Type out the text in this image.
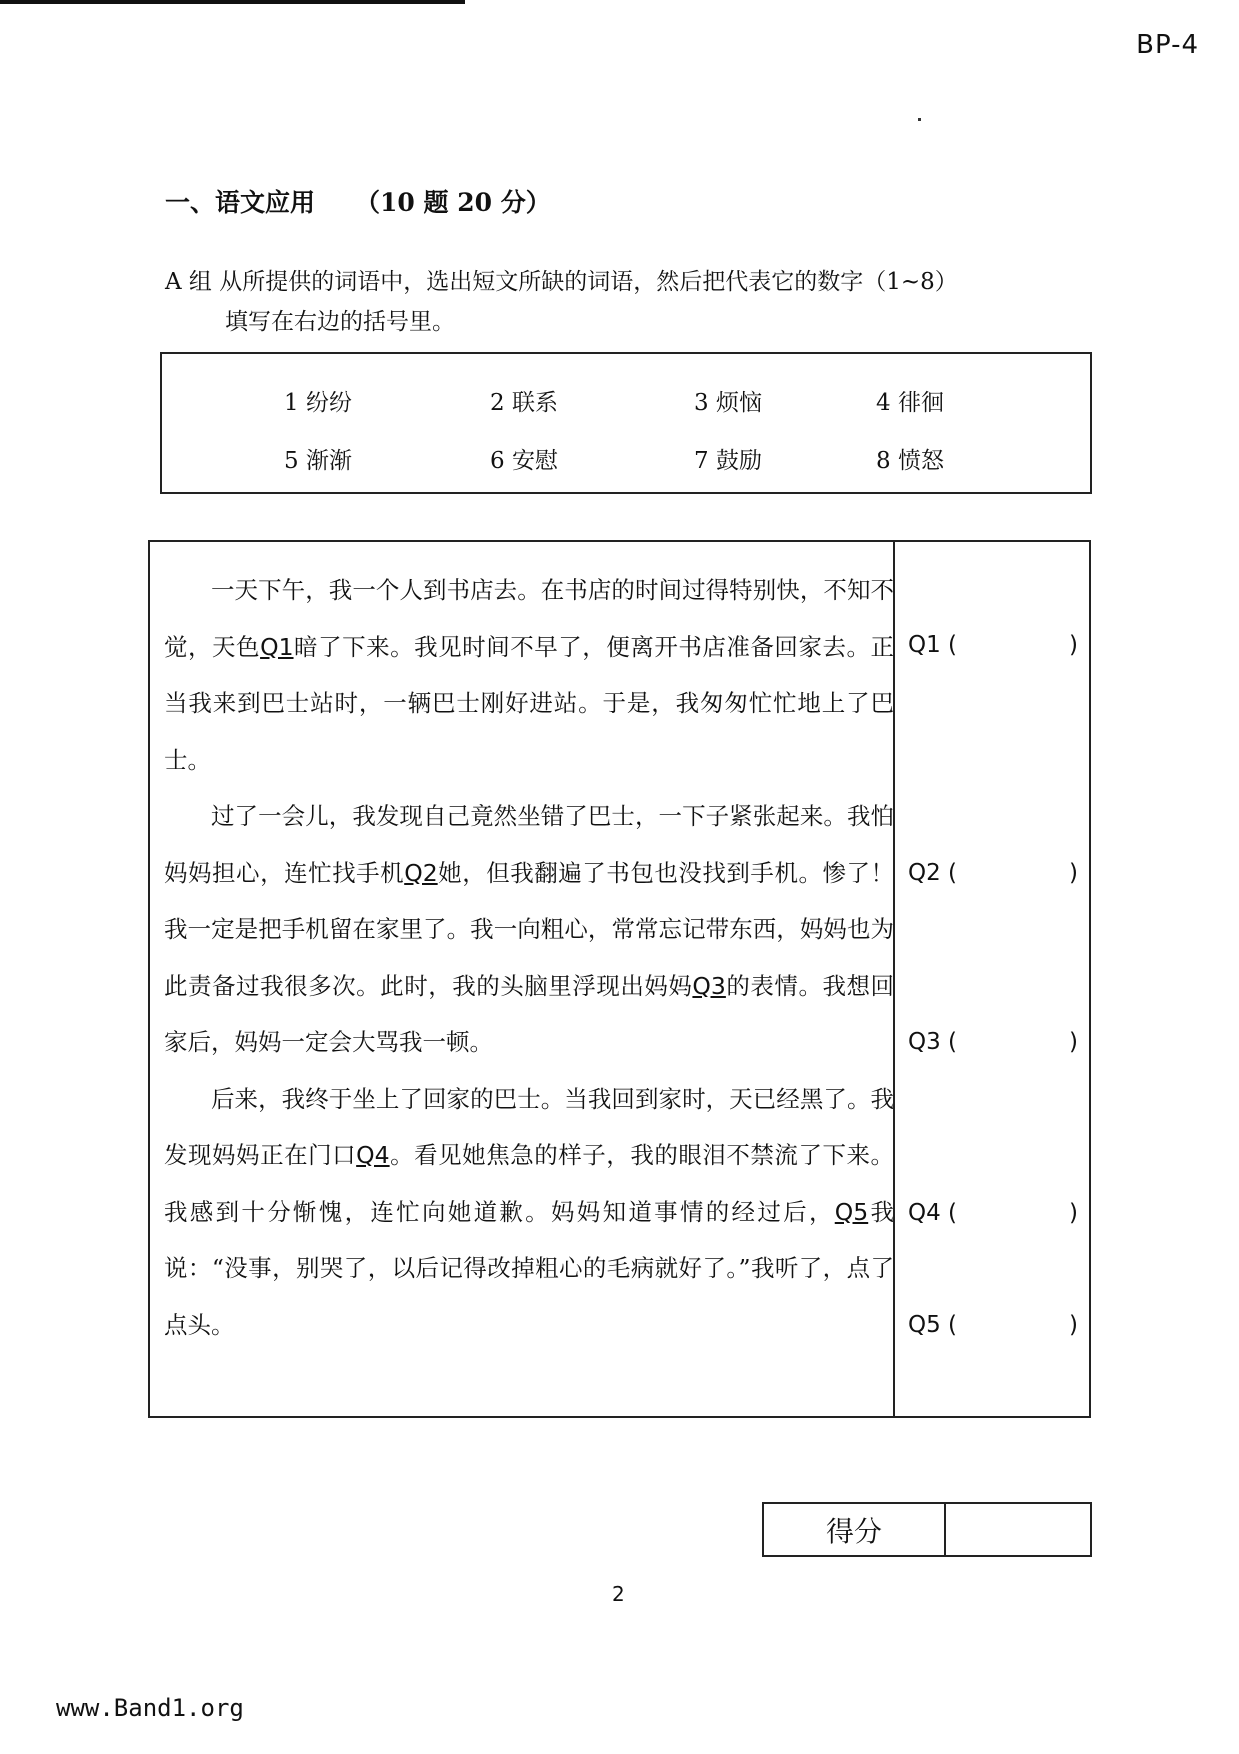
BP-4
一、语文应用 （10 题 20 分）
A 组 从所提供的词语中，选出短文所缺的词语，然后把代表它的数字（1~8）
填写在右边的括号里。
1 纷纷	2 联系	3 烦恼	4 徘徊
5 渐渐	6 安慰	7 鼓励	8 愤怒

一天下午，我一个人到书店去。在书店的时间过得特别快，不知不觉，天色Q1暗了下来。我见时间不早了，便离开书店准备回家去。正当我来到巴士站时，一辆巴士刚好进站。于是，我匆匆忙忙地上了巴士。

过了一会儿，我发现自己竟然坐错了巴士，一下子紧张起来。我怕妈妈担心，连忙找手机Q2她，但我翻遍了书包也没找到手机。惨了！我一定是把手机留在家里了。我一向粗心，常常忘记带东西，妈妈也为此责备过我很多次。此时，我的头脑里浮现出妈妈Q3的表情。我想回家后，妈妈一定会大骂我一顿。

后来，我终于坐上了回家的巴士。当我回到家时，天已经黑了。我发现妈妈正在门口Q4。看见她焦急的样子，我的眼泪不禁流了下来。我感到十分惭愧，连忙向她道歉。妈妈知道事情的经过后，Q5我说：“没事，别哭了，以后记得改掉粗心的毛病就好了。”我听了，点了点头。

Q1 (	)
Q2 (	)
Q3 (	)
Q4 (	)
Q5 (	)
得分
2
www.Band1.org
